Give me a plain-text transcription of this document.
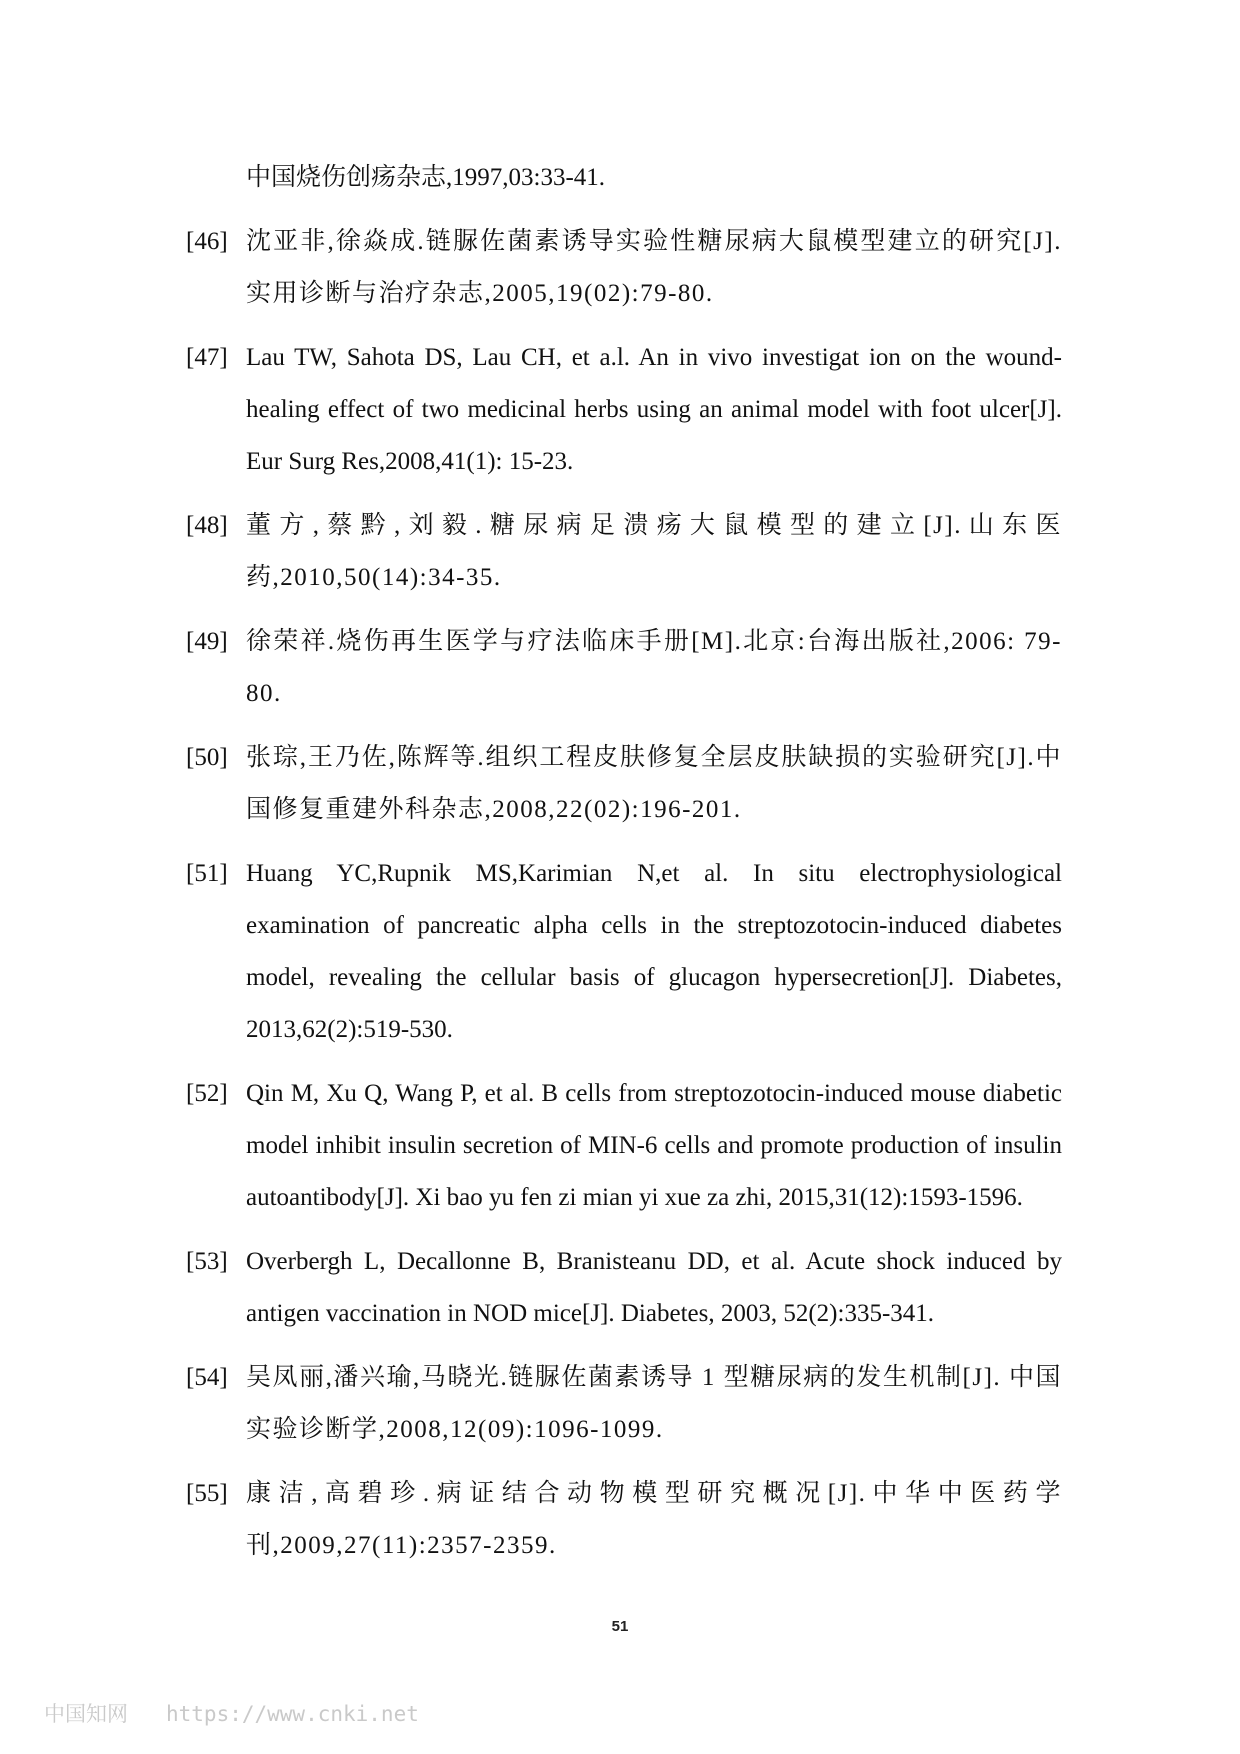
中国烧伤创疡杂志,1997,03:33-41.
[46] 沈亚非,徐焱成.链脲佐菌素诱导实验性糖尿病大鼠模型建立的研究[J].实用诊断与治疗杂志,2005,19(02):79-80.
[47] Lau TW, Sahota DS, Lau CH, et a.l. An in vivo investigat ion on the wound-healing effect of two medicinal herbs using an animal model with foot ulcer[J]. Eur Surg Res,2008,41(1): 15-23.
[48] 董方,蔡黔,刘毅.糖尿病足溃疡大鼠模型的建立[J].山东医药,2010,50(14):34-35.
[49] 徐荣祥.烧伤再生医学与疗法临床手册[M].北京:台海出版社,2006: 79-80.
[50] 张琮,王乃佐,陈辉等.组织工程皮肤修复全层皮肤缺损的实验研究[J].中国修复重建外科杂志,2008,22(02):196-201.
[51] Huang YC,Rupnik MS,Karimian N,et al. In situ electrophysiological examination of pancreatic alpha cells in the streptozotocin-induced diabetes model, revealing the cellular basis of glucagon hypersecretion[J]. Diabetes, 2013,62(2):519-530.
[52] Qin M, Xu Q, Wang P, et al. B cells from streptozotocin-induced mouse diabetic model inhibit insulin secretion of MIN-6 cells and promote production of insulin autoantibody[J]. Xi bao yu fen zi mian yi xue za zhi, 2015,31(12):1593-1596.
[53] Overbergh L, Decallonne B, Branisteanu DD, et al. Acute shock induced by antigen vaccination in NOD mice[J]. Diabetes, 2003, 52(2):335-341.
[54] 吴凤丽,潘兴瑜,马晓光.链脲佐菌素诱导 1 型糖尿病的发生机制[J]. 中国实验诊断学,2008,12(09):1096-1099.
[55] 康洁,高碧珍.病证结合动物模型研究概况[J].中华中医药学刊,2009,27(11):2357-2359.
51
中国知网 https://www.cnki.net
